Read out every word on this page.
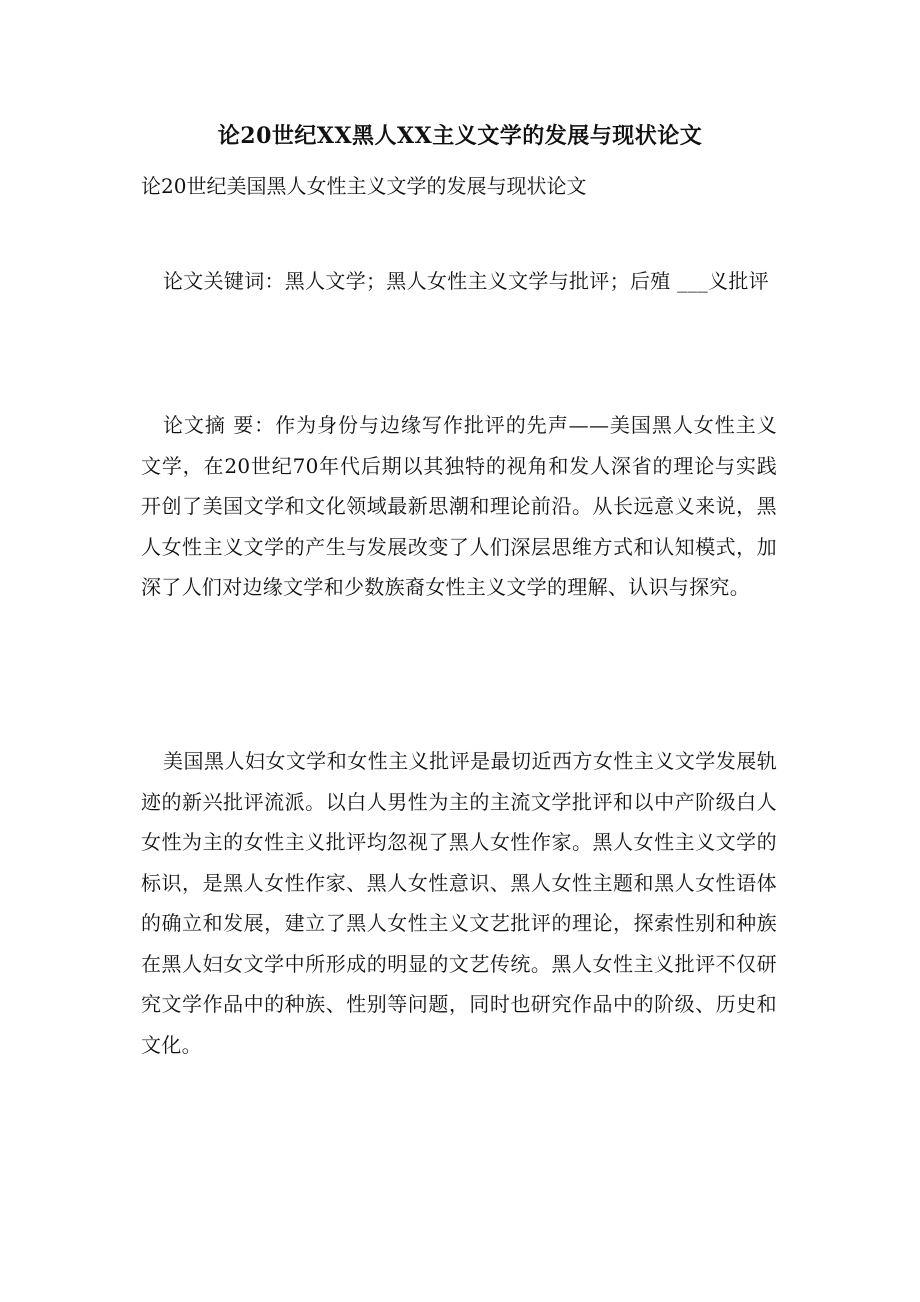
论20世纪XX黑人XX主义文学的发展与现状论文
论20世纪美国黑人女性主义文学的发展与现状论文
论文关键词：黑人文学；黑人女性主义文学与批评；后殖 ___义批评
论文摘 要：作为身份与边缘写作批评的先声——美国黑人女性主义文学，在20世纪70年代后期以其独特的视角和发人深省的理论与实践开创了美国文学和文化领域最新思潮和理论前沿。从长远意义来说，黑人女性主义文学的产生与发展改变了人们深层思维方式和认知模式，加深了人们对边缘文学和少数族裔女性主义文学的理解、认识与探究。
美国黑人妇女文学和女性主义批评是最切近西方女性主义文学发展轨迹的新兴批评流派。以白人男性为主的主流文学批评和以中产阶级白人女性为主的女性主义批评均忽视了黑人女性作家。黑人女性主义文学的标识，是黑人女性作家、黑人女性意识、黑人女性主题和黑人女性语体的确立和发展，建立了黑人女性主义文艺批评的理论，探索性别和种族在黑人妇女文学中所形成的明显的文艺传统。黑人女性主义批评不仅研究文学作品中的种族、性别等问题，同时也研究作品中的阶级、历史和文化。
